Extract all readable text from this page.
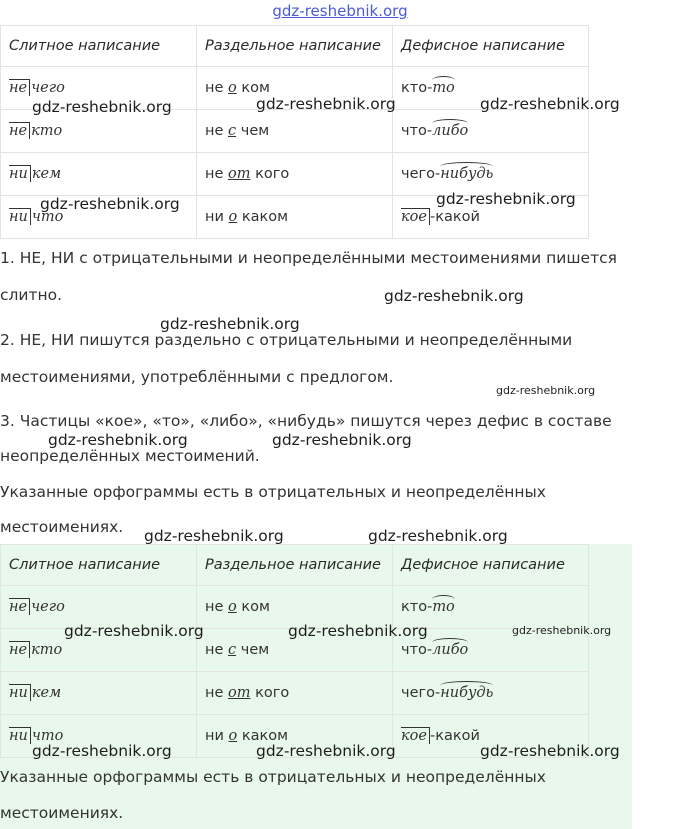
gdz-reshebnik.org
Слитное написание	Раздельное написание	Дефисное написание
не чего	не о ком	кто-то
не кто	не с чем	что-либо
ни кем	не от кого	чего-нибудь
ни что	ни о каком	кое -какой
1. НЕ, НИ с отрицательными и неопределёнными местоимениями пишется
слитно.
2. НЕ, НИ пишутся раздельно с отрицательными и неопределёнными
местоимениями, употреблёнными с предлогом.
3. Частицы «кое», «то», «либо», «нибудь» пишутся через дефис в составе
неопределённых местоимений.
Указанные орфограммы есть в отрицательных и неопределённых
местоимениях.
Слитное написание	Раздельное написание	Дефисное написание
не чего	не о ком	кто-то
не кто	не с чем	что-либо
ни кем	не от кого	чего-нибудь
ни что	ни о каком	кое -какой
Указанные орфограммы есть в отрицательных и неопределённых
местоимениях.
gdz-reshebnik.org	gdz-reshebnik.org	gdz-reshebnik.org
gdz-reshebnik.org	gdz-reshebnik.org
gdz-reshebnik.org
gdz-reshebnik.org
gdz-reshebnik.org
gdz-reshebnik.org	gdz-reshebnik.org
gdz-reshebnik.org	gdz-reshebnik.org
gdz-reshebnik.org	gdz-reshebnik.org	gdz-reshebnik.org
gdz-reshebnik.org	gdz-reshebnik.org	gdz-reshebnik.org
